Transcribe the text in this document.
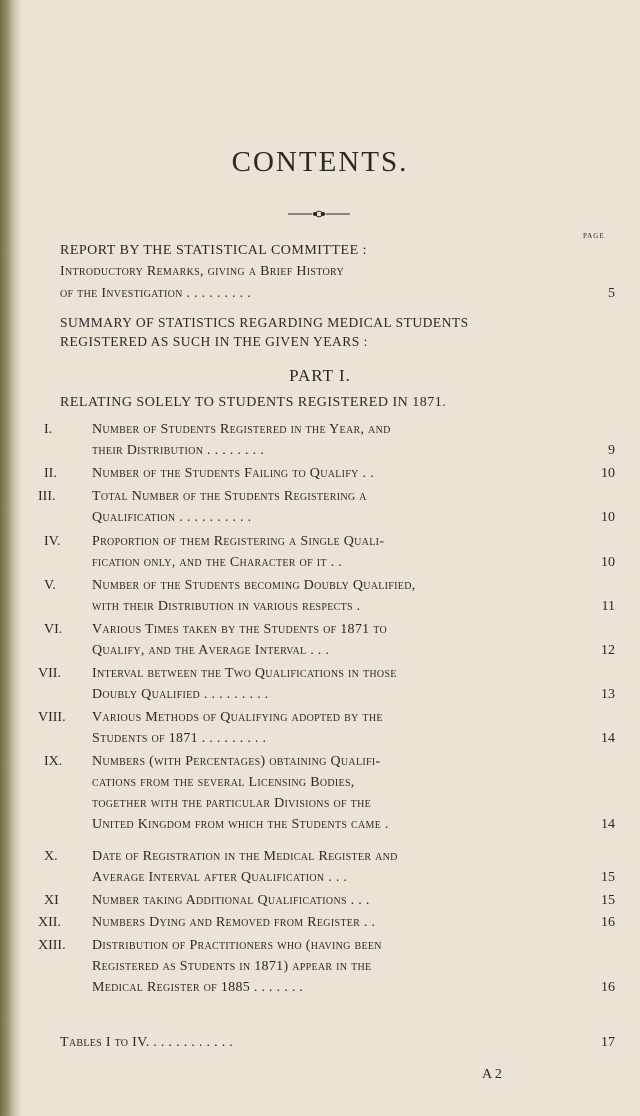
CONTENTS.
PAGE
REPORT BY THE STATISTICAL COMMITTEE :
Introductory Remarks, giving a Brief History
of the Investigation . . . . . . . . .	5
SUMMARY OF STATISTICS REGARDING MEDICAL STUDENTS
REGISTERED AS SUCH IN THE GIVEN YEARS :
PART I.
RELATING SOLELY TO STUDENTS REGISTERED IN 1871.
I.	Number of Students Registered in the Year, and
their Distribution . . . . . . . .	9
II.	Number of the Students Failing to Qualify . .	10
III.	Total Number of the Students Registering a
Qualification . . . . . . . . . .	10
IV. Proportion of them Registering a Single Quali-
fication only, and the Character of it . .	10
V.	Number of the Students becoming Doubly Qualified,
with their Distribution in various respects .	11
VI. Various Times taken by the Students of 1871 to
Qualify, and the Average Interval . . .	12
VII. Interval between the Two Qualifications in those
Doubly Qualified . . . . . . . . .	13
VIII. Various Methods of Qualifying adopted by the
Students of 1871 . . . . . . . . .	14
IX. Numbers (with Percentages) obtaining Qualifi-
cations from the several Licensing Bodies,
together with the particular Divisions of the
United Kingdom from which the Students came .	14
X. Date of Registration in the Medical Register and
Average Interval after Qualification . . .	15
XI Number taking Additional Qualifications . . .	15
XII. Numbers Dying and Removed from Register . .	16
XIII. Distribution of Practitioners who (having been
Registered as Students in 1871) appear in the
Medical Register of 1885 . . . . . . .	16
Tables I to IV. . . . . . . . . . . .	17
A 2
